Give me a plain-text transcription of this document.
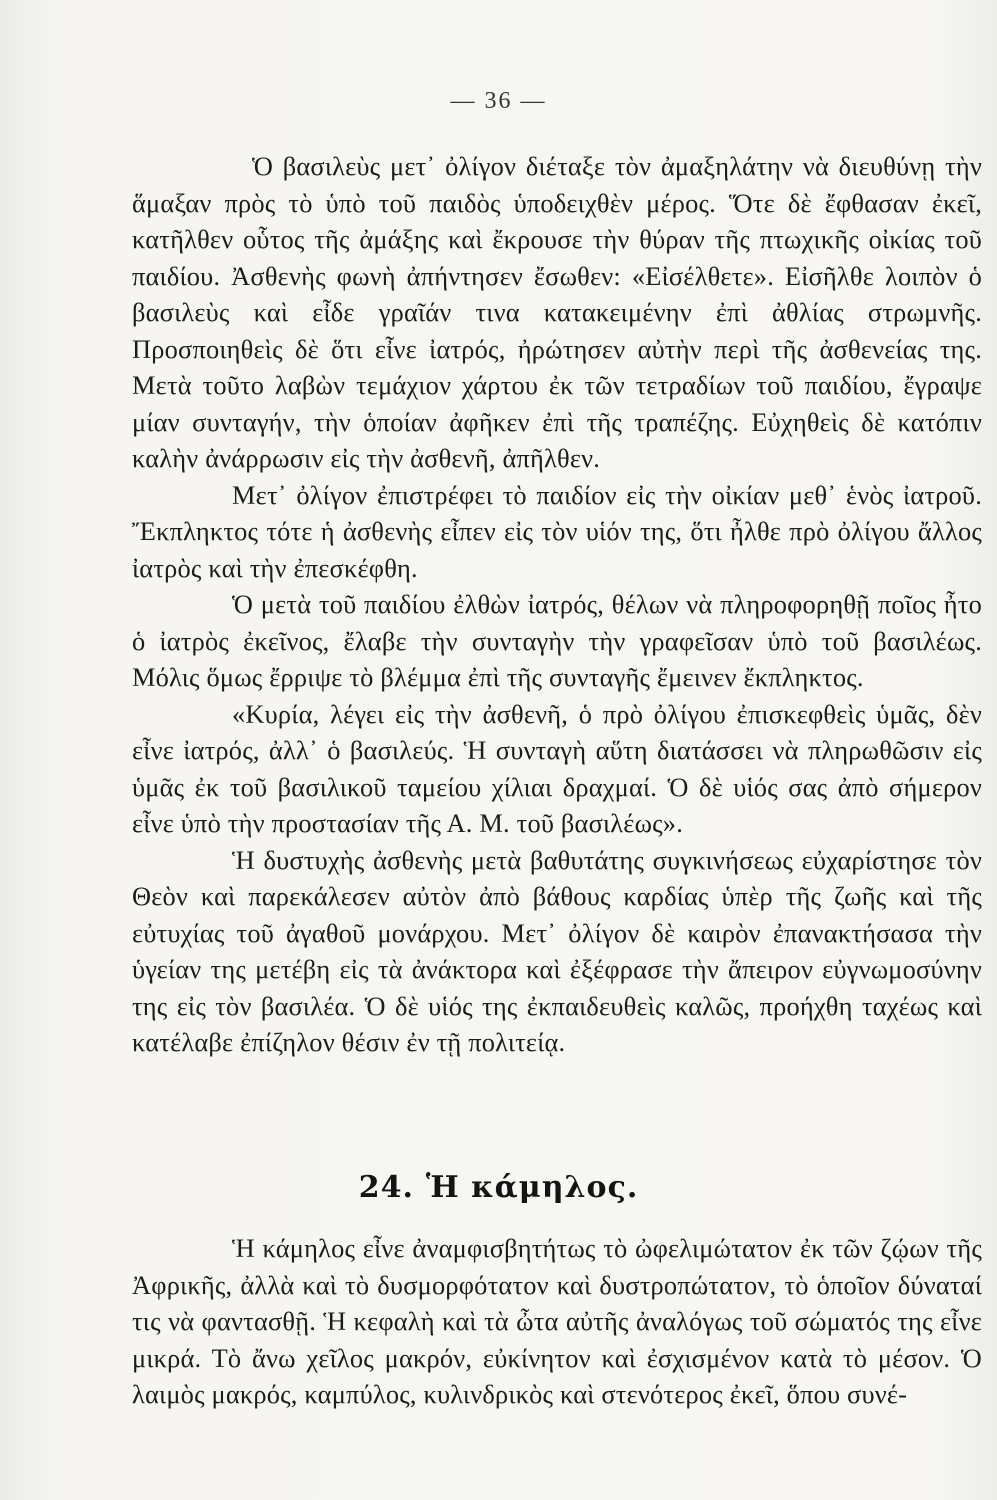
— 36 —

Ὁ βασιλεὺς μετ᾽ ὀλίγον διέταξε τὸν ἀμαξηλάτην νὰ διευθύνῃ τὴν ἅμαξαν πρὸς τὸ ὑπὸ τοῦ παιδὸς ὑποδειχθὲν μέρος. Ὅτε δὲ ἔφθασαν ἐκεῖ, κατῆλθεν οὗτος τῆς ἀμάξης καὶ ἔκρουσε τὴν θύραν τῆς πτωχικῆς οἰκίας τοῦ παιδίου. Ἀσθενὴς φωνὴ ἀπήντησεν ἔσωθεν: «Εἰσέλθετε». Εἰσῆλθε λοιπὸν ὁ βασιλεὺς καὶ εἶδε γραῖάν τινα κατακειμένην ἐπὶ ἀθλίας στρωμνῆς. Προσποιηθεὶς δὲ ὅτι εἶνε ἰατρός, ἠρώτησεν αὐτὴν περὶ τῆς ἀσθενείας της. Μετὰ τοῦτο λαβὼν τεμάχιον χάρτου ἐκ τῶν τετραδίων τοῦ παιδίου, ἔγραψε μίαν συνταγήν, τὴν ὁποίαν ἀφῆκεν ἐπὶ τῆς τραπέζης. Εὐχηθεὶς δὲ κατόπιν καλὴν ἀνάρρωσιν εἰς τὴν ἀσθενῆ, ἀπῆλθεν.

Μετ᾽ ὀλίγον ἐπιστρέφει τὸ παιδίον εἰς τὴν οἰκίαν μεθ᾽ ἑνὸς ἰατροῦ. Ἔκπληκτος τότε ἡ ἀσθενὴς εἶπεν εἰς τὸν υἱόν της, ὅτι ἦλθε πρὸ ὀλίγου ἄλλος ἰατρὸς καὶ τὴν ἐπεσκέφθη.

Ὁ μετὰ τοῦ παιδίου ἐλθὼν ἰατρός, θέλων νὰ πληροφορηθῇ ποῖος ἦτο ὁ ἰατρὸς ἐκεῖνος, ἔλαβε τὴν συνταγὴν τὴν γραφεῖσαν ὑπὸ τοῦ βασιλέως. Μόλις ὅμως ἔρριψε τὸ βλέμμα ἐπὶ τῆς συνταγῆς ἔμεινεν ἔκπληκτος.

«Κυρία, λέγει εἰς τὴν ἀσθενῆ, ὁ πρὸ ὀλίγου ἐπισκεφθεὶς ὑμᾶς, δὲν εἶνε ἰατρός, ἀλλ᾽ ὁ βασιλεύς. Ἡ συνταγὴ αὕτη διατάσσει νὰ πληρωθῶσιν εἰς ὑμᾶς ἐκ τοῦ βασιλικοῦ ταμείου χίλιαι δραχμαί. Ὁ δὲ υἱός σας ἀπὸ σήμερον εἶνε ὑπὸ τὴν προστασίαν τῆς Α. Μ. τοῦ βασιλέως».

Ἡ δυστυχὴς ἀσθενὴς μετὰ βαθυτάτης συγκινήσεως εὐχαρίστησε τὸν Θεὸν καὶ παρεκάλεσεν αὐτὸν ἀπὸ βάθους καρδίας ὑπὲρ τῆς ζωῆς καὶ τῆς εὐτυχίας τοῦ ἀγαθοῦ μονάρχου. Μετ᾽ ὀλίγον δὲ καιρὸν ἐπανακτήσασα τὴν ὑγείαν της μετέβη εἰς τὰ ἀνάκτορα καὶ ἐξέφρασε τὴν ἄπειρον εὐγνωμοσύνην της εἰς τὸν βασιλέα. Ὁ δὲ υἱός της ἐκπαιδευθεὶς καλῶς, προήχθη ταχέως καὶ κατέλαβε ἐπίζηλον θέσιν ἐν τῇ πολιτείᾳ.

24. Ἡ κάμηλος.

Ἡ κάμηλος εἶνε ἀναμφισβητήτως τὸ ὠφελιμώτατον ἐκ τῶν ζῴων τῆς Ἀφρικῆς, ἀλλὰ καὶ τὸ δυσμορφότατον καὶ δυστροπώτατον, τὸ ὁποῖον δύναταί τις νὰ φαντασθῇ. Ἡ κεφαλὴ καὶ τὰ ὦτα αὐτῆς ἀναλόγως τοῦ σώματός της εἶνε μικρά. Τὸ ἄνω χεῖλος μακρόν, εὐκίνητον καὶ ἐσχισμένον κατὰ τὸ μέσον. Ὁ λαιμὸς μακρός, καμπύλος, κυλινδρικὸς καὶ στενότερος ἐκεῖ, ὅπου συνέ-
